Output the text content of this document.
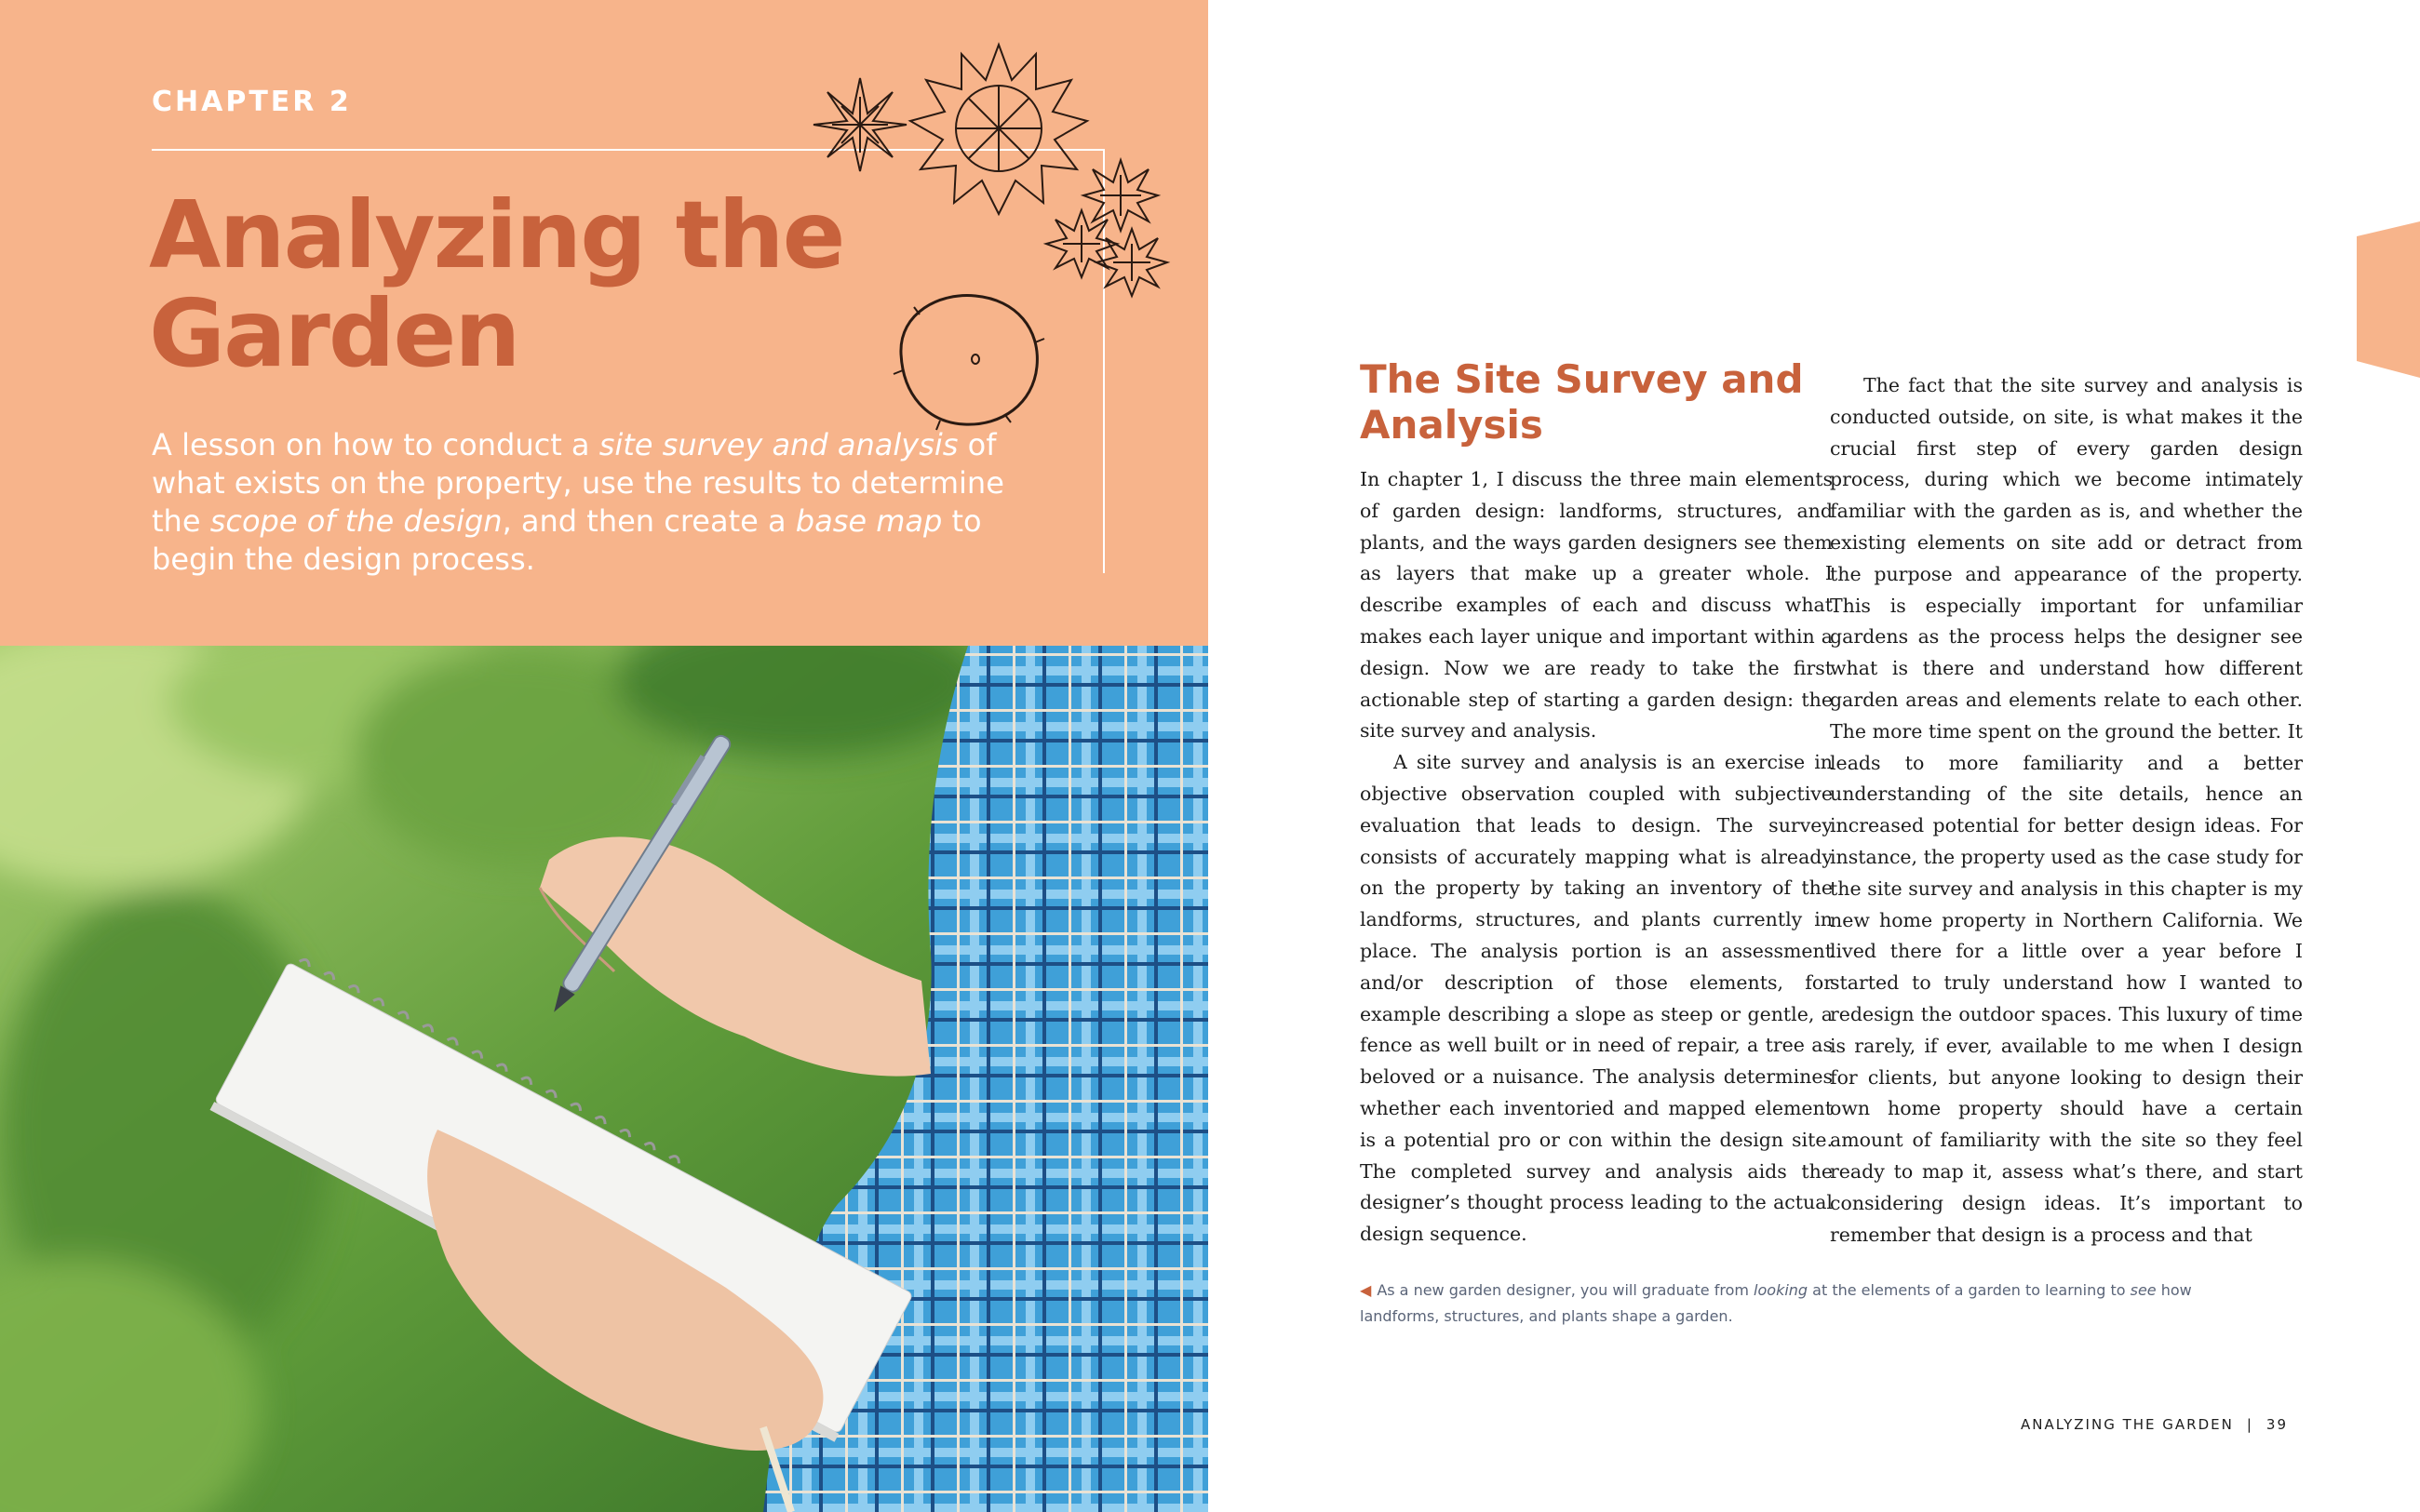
CHAPTER 2

Analyzing the
Garden

A lesson on how to conduct a site survey and analysis of what exists on the property, use the results to determine the scope of the design, and then create a base map to begin the design process.

The Site Survey and Analysis

In chapter 1, I discuss the three main elements of garden design: landforms, structures, and plants, and the ways garden designers see them as layers that make up a greater whole. I describe examples of each and discuss what makes each layer unique and important within a design. Now we are ready to take the first actionable step of starting a garden design: the site survey and analysis.

A site survey and analysis is an exercise in objective observation coupled with subjective evaluation that leads to design. The survey consists of accurately mapping what is already on the property by taking an inventory of the landforms, structures, and plants currently in place. The analysis portion is an assessment and/or description of those elements, for example describing a slope as steep or gentle, a fence as well built or in need of repair, a tree as beloved or a nuisance. The analysis determines whether each inventoried and mapped element is a potential pro or con within the design site. The completed survey and analysis aids the designer’s thought process leading to the actual design sequence.

The fact that the site survey and analysis is conducted outside, on site, is what makes it the crucial first step of every garden design process, during which we become intimately familiar with the garden as is, and whether the existing elements on site add or detract from the purpose and appearance of the property. This is especially important for unfamiliar gardens as the process helps the designer see what is there and understand how different garden areas and elements relate to each other. The more time spent on the ground the better. It leads to more familiarity and a better understanding of the site details, hence an increased potential for better design ideas. For instance, the property used as the case study for the site survey and analysis in this chapter is my new home property in Northern California. We lived there for a little over a year before I started to truly understand how I wanted to redesign the outdoor spaces. This luxury of time is rarely, if ever, available to me when I design for clients, but anyone looking to design their own home property should have a certain amount of familiarity with the site so they feel ready to map it, assess what’s there, and start considering design ideas. It’s important to remember that design is a process and that

◀ As a new garden designer, you will graduate from looking at the elements of a garden to learning to see how landforms, structures, and plants shape a garden.

ANALYZING THE GARDEN | 39
